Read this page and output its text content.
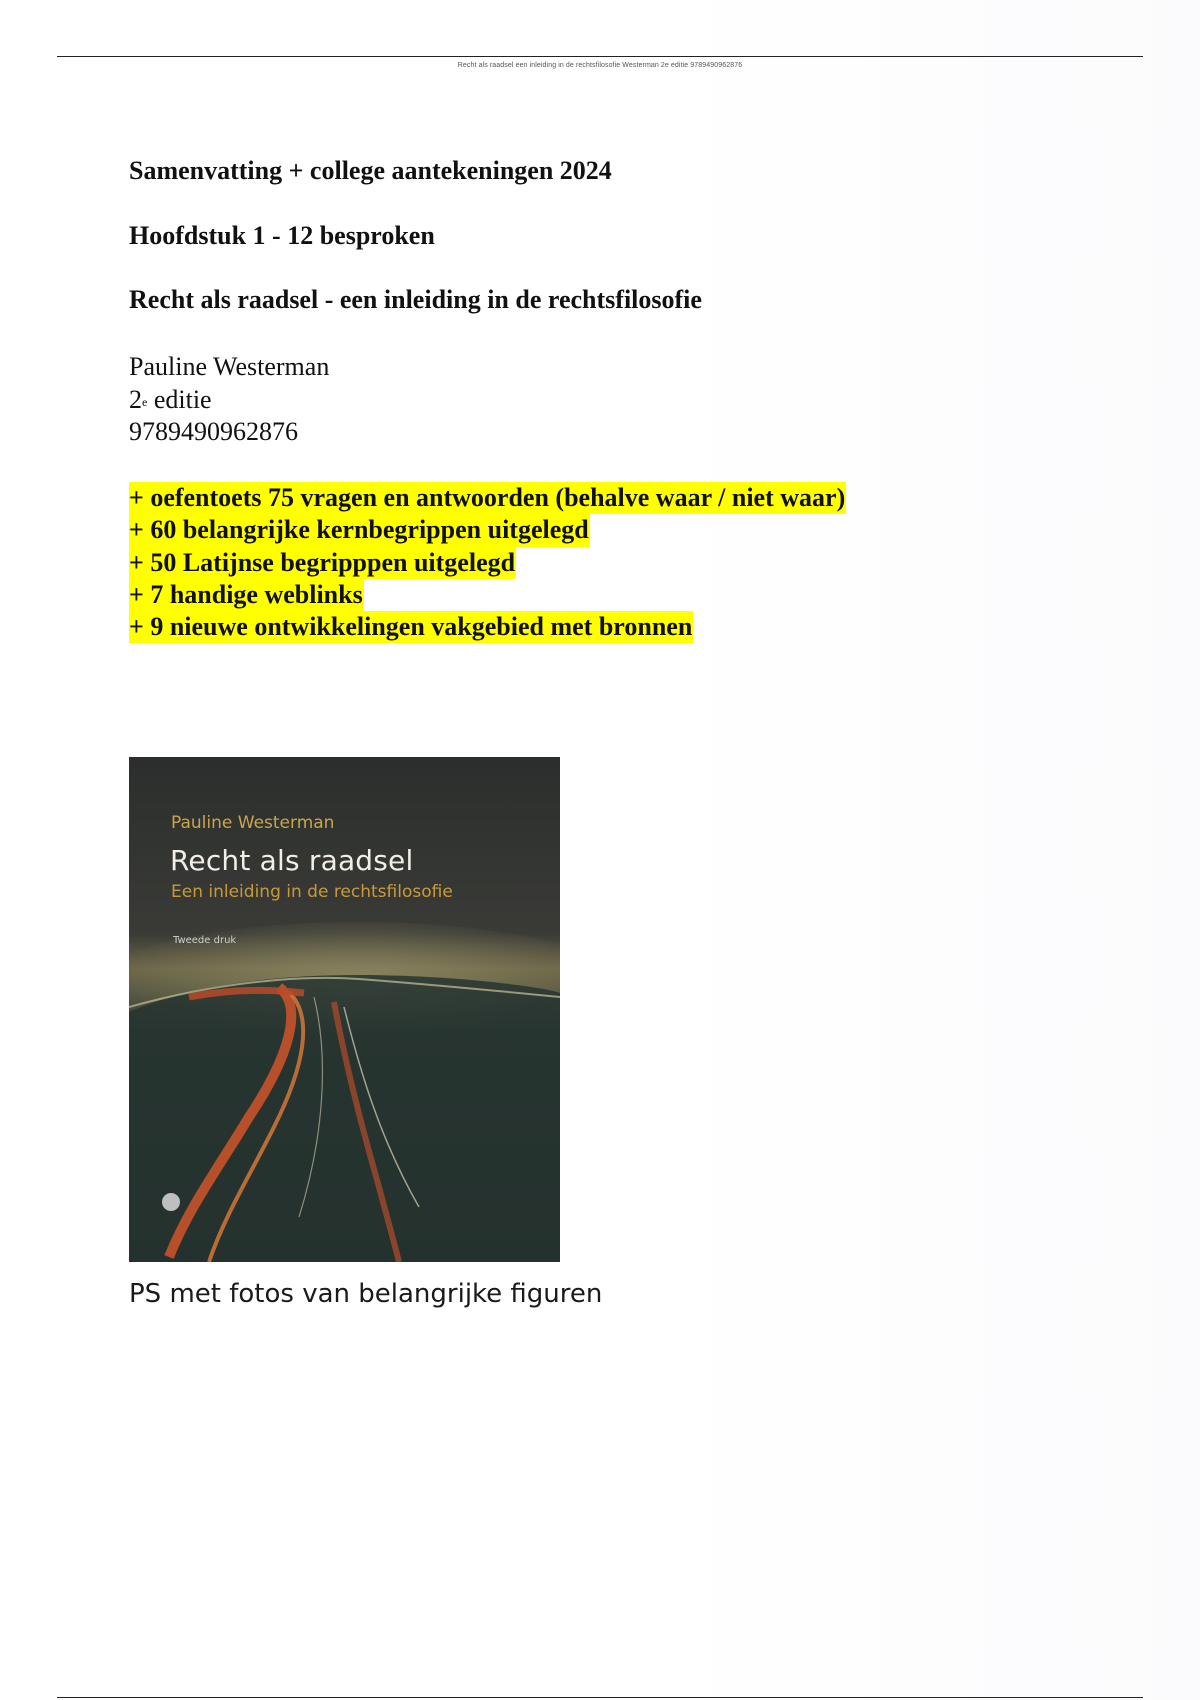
Recht als raadsel een inleiding in de rechtsfilosofie Westerman 2e editie 9789490962876

Samenvatting + college aantekeningen 2024

Hoofdstuk 1 - 12 besproken

Recht als raadsel - een inleiding in de rechtsfilosofie

Pauline Westerman
2e editie
9789490962876
+ oefentoets 75 vragen en antwoorden (behalve waar / niet waar)
+ 60 belangrijke kernbegrippen uitgelegd
+ 50 Latijnse begripppen uitgelegd
+ 7 handige weblinks
+ 9 nieuwe ontwikkelingen vakgebied met bronnen
Pauline Westerman
Recht als raadsel
Een inleiding in de rechtsfilosofie
Tweede druk
PS met fotos van belangrijke figuren
